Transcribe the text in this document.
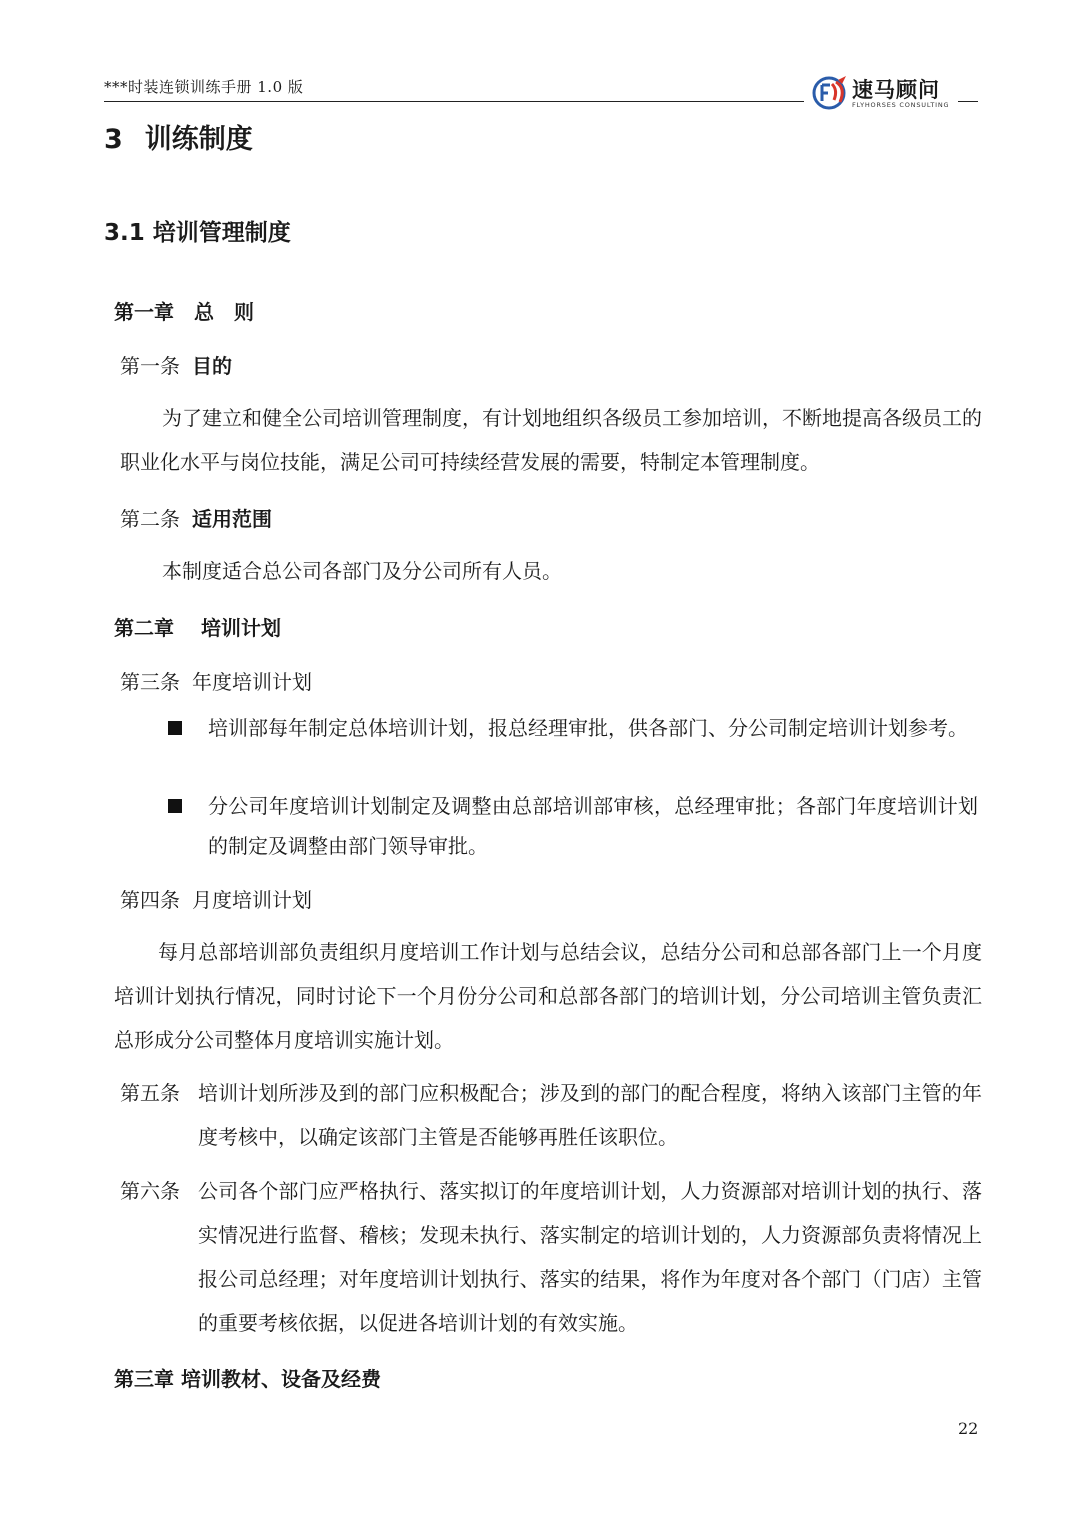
***时装连锁训练手册 1.0 版	速马顾问
FLYHORSES CONSULTING
3 训练制度
3.1 培训管理制度
第一章　总　则
第一条 目的
为了建立和健全公司培训管理制度，有计划地组织各级员工参加培训，不断地提高各级员工的职业化水平与岗位技能，满足公司可持续经营发展的需要，特制定本管理制度。
第二条 适用范围
本制度适合总公司各部门及分公司所有人员。
第二章　 培训计划
第三条 年度培训计划
培训部每年制定总体培训计划，报总经理审批，供各部门、分公司制定培训计划参考。
分公司年度培训计划制定及调整由总部培训部审核，总经理审批；各部门年度培训计划的制定及调整由部门领导审批。
第四条 月度培训计划
每月总部培训部负责组织月度培训工作计划与总结会议，总结分公司和总部各部门上一个月度培训计划执行情况，同时讨论下一个月份分公司和总部各部门的培训计划，分公司培训主管负责汇总形成分公司整体月度培训实施计划。
第五条 培训计划所涉及到的部门应积极配合；涉及到的部门的配合程度，将纳入该部门主管的年度考核中，以确定该部门主管是否能够再胜任该职位。
第六条 公司各个部门应严格执行、落实拟订的年度培训计划，人力资源部对培训计划的执行、落实情况进行监督、稽核；发现未执行、落实制定的培训计划的，人力资源部负责将情况上报公司总经理；对年度培训计划执行、落实的结果，将作为年度对各个部门（门店）主管的重要考核依据，以促进各培训计划的有效实施。
第三章 培训教材、设备及经费
22
